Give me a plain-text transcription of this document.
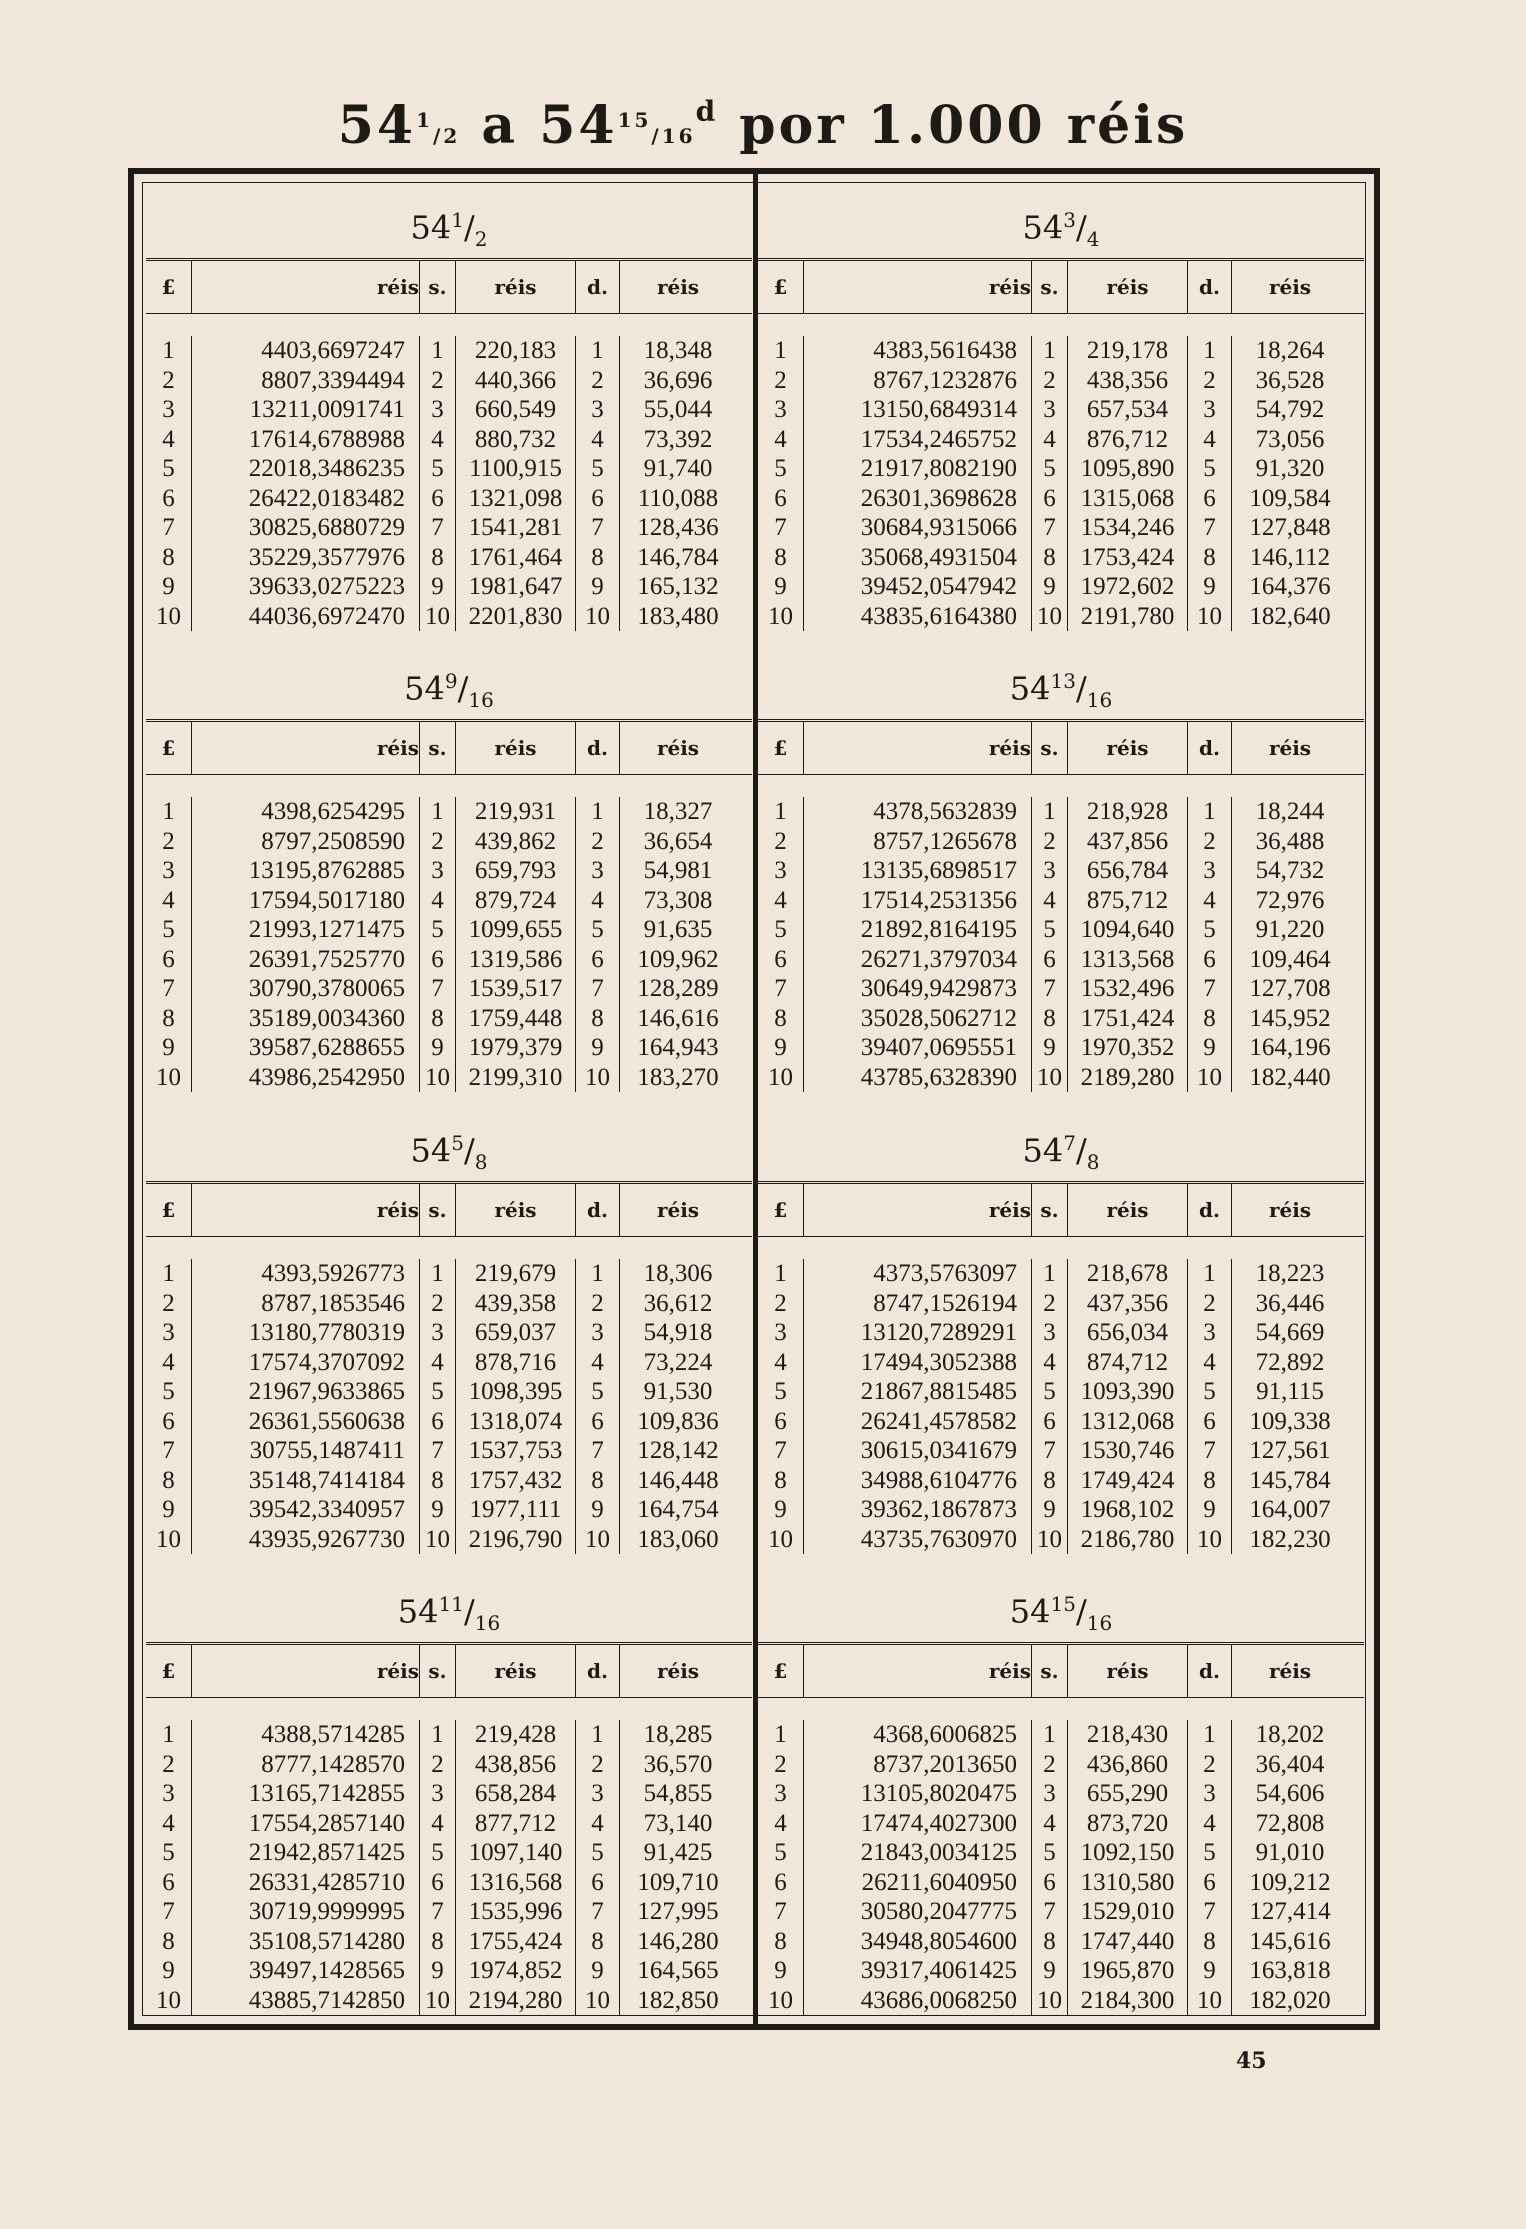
$54^1/2$ a $54^{15}/16^d$ por 1.000 réis
$54^1/_2$
£	réis s.	réis	d.	réis
1	4403,6697247	1	220,183	1	18,348
2	8807,3394494	2	440,366	2	36,696
3	13211,0091741	3	660,549	3	55,044
4	17614,6788988	4	880,732	4	73,392
5	22018,3486235	5	1100,915	5	91,740
6	26422,0183482	6 1321,098	6	110,088
7	30825,6880729	7 1541,281	7	128,436
8	35229,3577976	8 1761,464	8	146,784
9	39633,0275223	9 1981,647	9	165,132
10	44036,6972470 10 2201,830 10	183,480
$54^3/_4$
£	réis s.	réis	d.	réis
1	4383,5616438	1	219,178	1	18,264
2	8767,1232876	2	438,356	2	36,528
3	13150,6849314	3	657,534	3	54,792
4	17534,2465752	4	876,712	4	73,056
5	21917,8082190	5 1095,890	5	91,320
6	26301,3698628	6 1315,068	6	109,584
7	30684,9315066	7 1534,246	7	127,848
8	35068,4931504	8 1753,424	8	146,112
9	39452,0547942	9 1972,602	9	164,376
10	43835,6164380 10 2191,780 10	182,640
$54^9/_{16}$
£	réis s.	réis	d.	réis
1	4398,6254295	1	219,931	1	18,327
2	8797,2508590	2	439,862	2	36,654
3	13195,8762885	3	659,793	3	54,981
4	17594,5017180	4	879,724	4	73,308
5	21993,1271475	5 1099,655	5	91,635
6	26391,7525770	6 1319,586	6	109,962
7	30790,3780065	7 1539,517	7	128,289
8	35189,0034360	8 1759,448	8	146,616
9	39587,6288655	9 1979,379	9	164,943
10	43986,2542950 10 2199,310 10	183,270
$54^{13}/_{16}$
£	réis s.	réis	d.	réis
1	4378,5632839	1	218,928	1	18,244
2	8757,1265678	2	437,856	2	36,488
3	13135,6898517	3	656,784	3	54,732
4	17514,2531356	4	875,712	4	72,976
5	21892,8164195	5 1094,640	5	91,220
6	26271,3797034	6 1313,568	6	109,464
7	30649,9429873	7 1532,496	7	127,708
8	35028,5062712	8 1751,424	8	145,952
9	39407,0695551	9 1970,352	9	164,196
10	43785,6328390 10 2189,280 10	182,440
$54^5/_8$
£	réis s.	réis	d.	réis
1	4393,5926773	1	219,679	1	18,306
2	8787,1853546	2	439,358	2	36,612
3	13180,7780319	3	659,037	3	54,918
4	17574,3707092	4	878,716	4	73,224
5	21967,9633865	5 1098,395	5	91,530
6	26361,5560638	6 1318,074	6	109,836
7	30755,1487411	7 1537,753	7	128,142
8	35148,7414184	8 1757,432	8	146,448
9	39542,3340957	9	1977,111	9	164,754
10	43935,9267730 10 2196,790 10	183,060
$54^7/_8$
£	réis s.	réis	d.	réis
1	4373,5763097	1	218,678	1	18,223
2	8747,1526194	2	437,356	2	36,446
3	13120,7289291	3	656,034	3	54,669
4	17494,3052388	4	874,712	4	72,892
5	21867,8815485	5 1093,390	5	91,115
6	26241,4578582	6 1312,068	6	109,338
7	30615,0341679	7 1530,746	7	127,561
8	34988,6104776	8 1749,424	8	145,784
9	39362,1867873	9 1968,102	9	164,007
10	43735,7630970 10 2186,780 10	182,230
$54^{11}/_{16}$
£	réis s.	réis	d.	réis
1	4388,5714285	1	219,428	1	18,285
2	8777,1428570	2	438,856	2	36,570
3	13165,7142855	3	658,284	3	54,855
4	17554,2857140	4	877,712	4	73,140
5	21942,8571425	5 1097,140	5	91,425
6	26331,4285710	6 1316,568	6	109,710
7	30719,9999995	7 1535,996	7	127,995
8	35108,5714280	8 1755,424	8	146,280
9	39497,1428565	9 1974,852	9	164,565
10	43885,7142850 10 2194,280 10	182,850
$54^{15}/_{16}$
£	réis s.	réis	d.	réis
1	4368,6006825	1	218,430	1	18,202
2	8737,2013650	2	436,860	2	36,404
3	13105,8020475	3	655,290	3	54,606
4	17474,4027300	4	873,720	4	72,808
5	21843,0034125	5 1092,150	5	91,010
6	26211,6040950	6 1310,580	6	109,212
7	30580,2047775	7 1529,010	7	127,414
8	34948,8054600	8 1747,440	8	145,616
9	39317,4061425	9 1965,870	9	163,818
10	43686,0068250 10 2184,300 10	182,020
45
